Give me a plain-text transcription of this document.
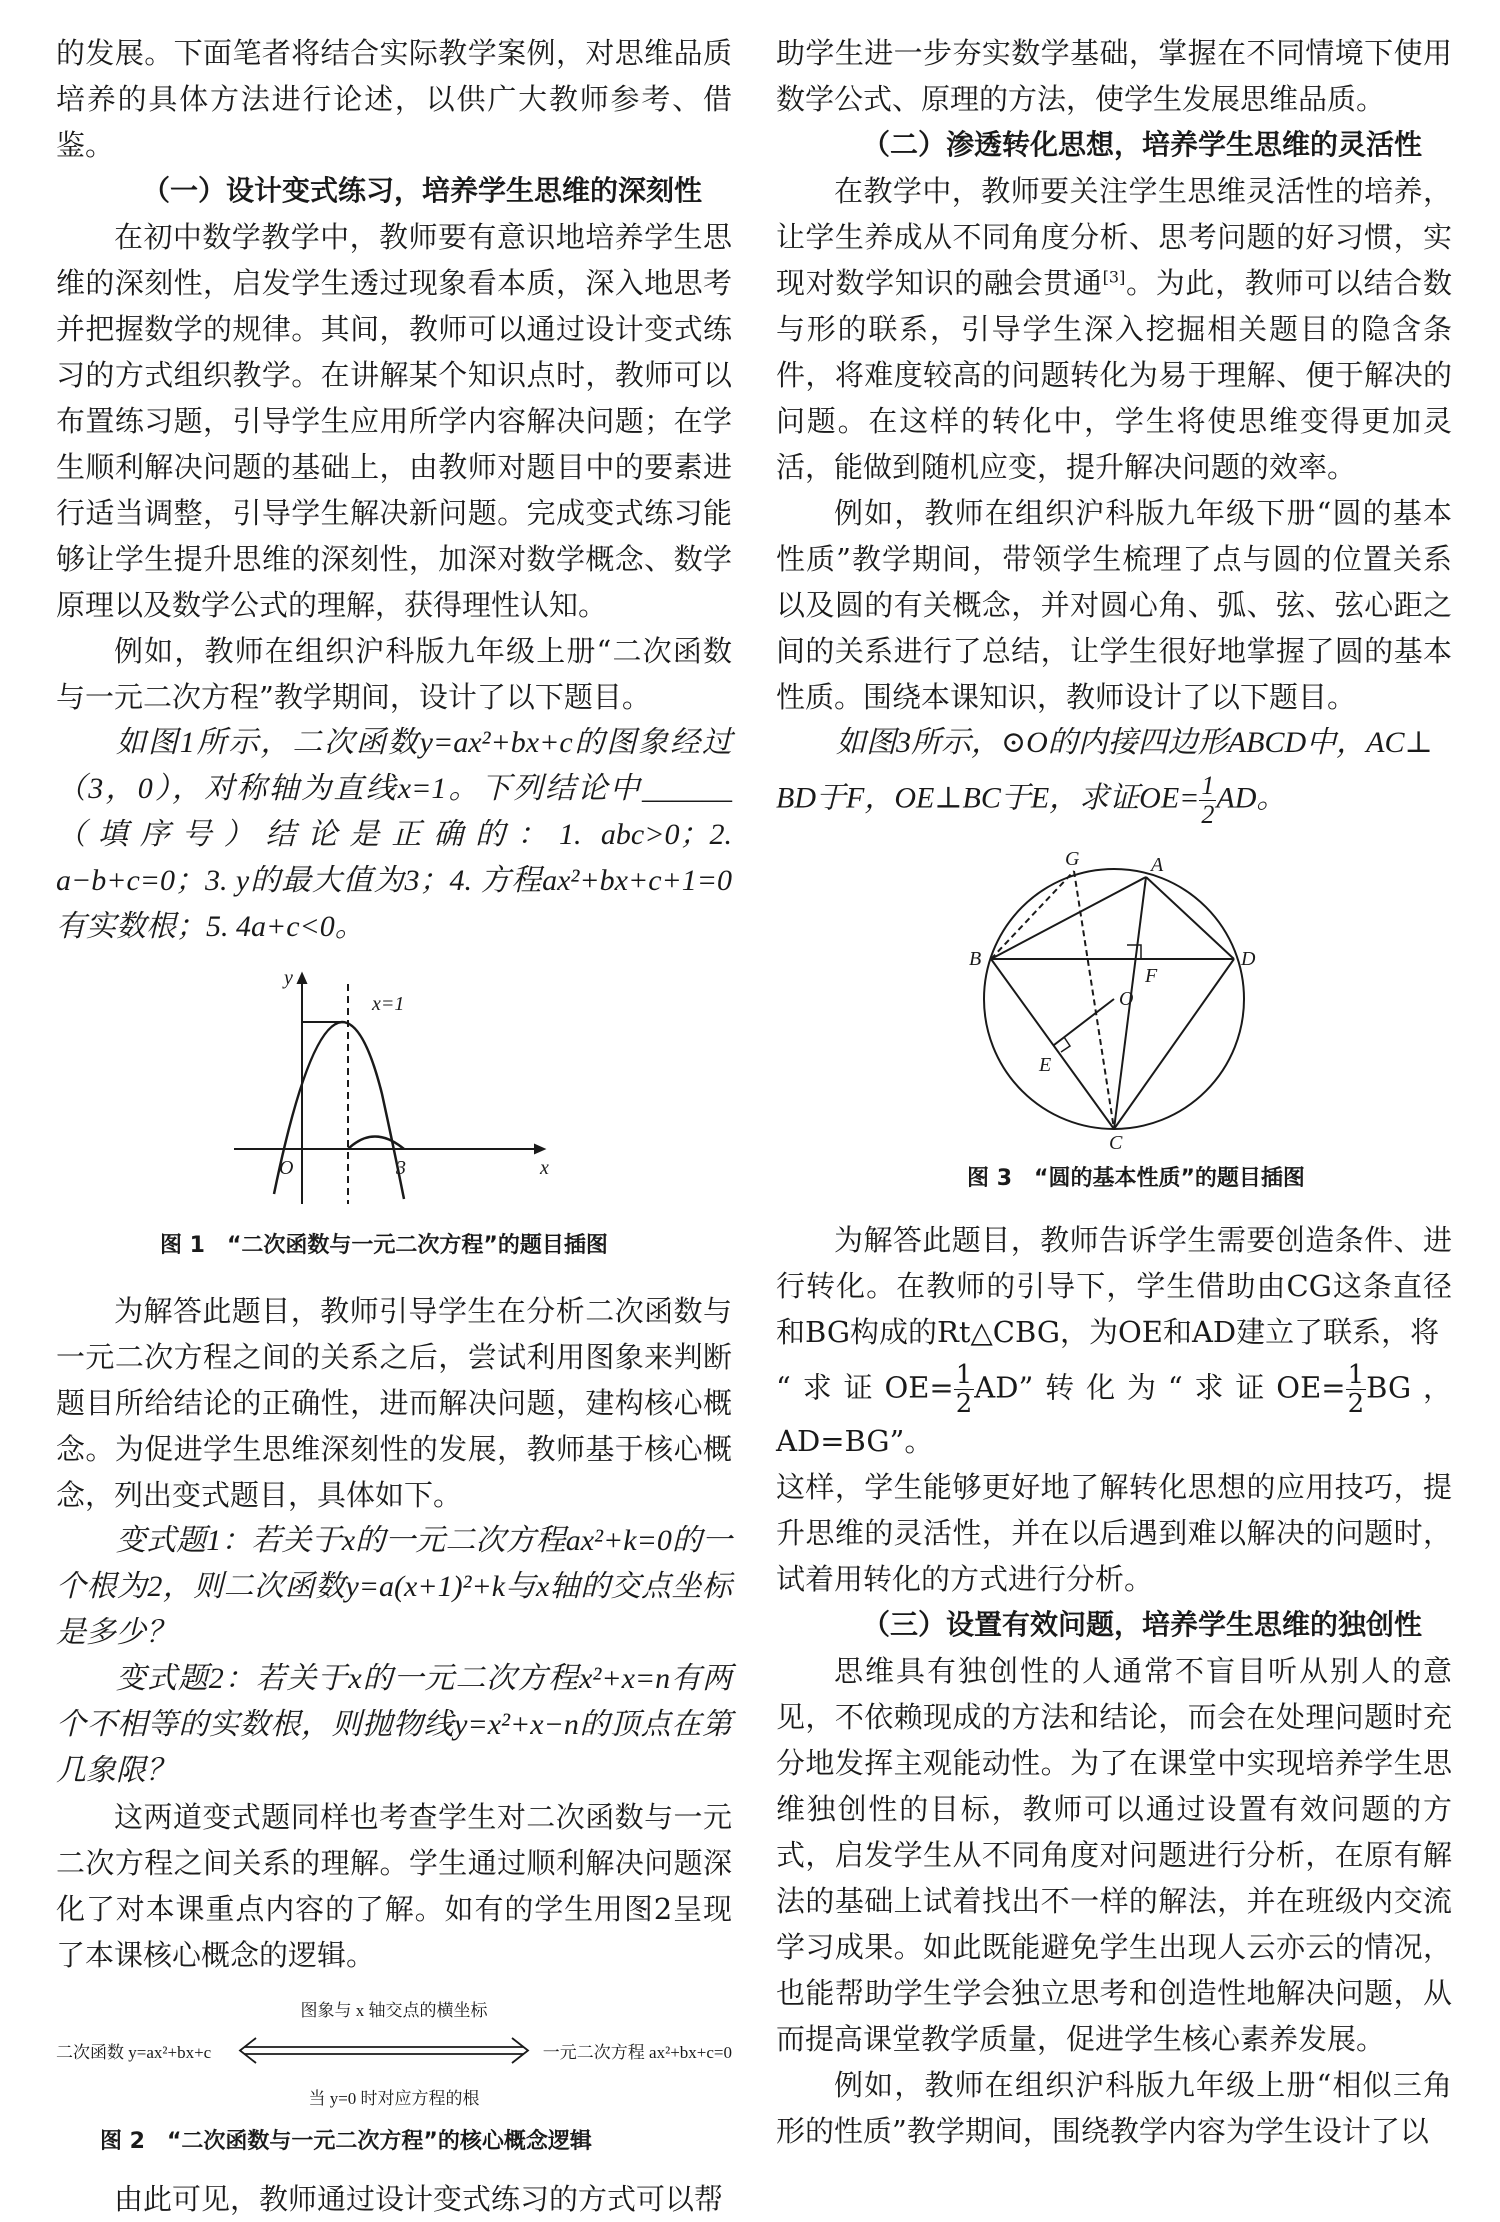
的发展。下面笔者将结合实际教学案例，对思维品质培养的具体方法进行论述，以供广大教师参考、借鉴。

（一）设计变式练习，培养学生思维的深刻性

在初中数学教学中，教师要有意识地培养学生思维的深刻性，启发学生透过现象看本质，深入地思考并把握数学的规律。其间，教师可以通过设计变式练习的方式组织教学。在讲解某个知识点时，教师可以布置练习题，引导学生应用所学内容解决问题；在学生顺利解决问题的基础上，由教师对题目中的要素进行适当调整，引导学生解决新问题。完成变式练习能够让学生提升思维的深刻性，加深对数学概念、数学原理以及数学公式的理解，获得理性认知。

例如，教师在组织沪科版九年级上册“二次函数与一元二次方程”教学期间，设计了以下题目。

如图1所示，二次函数y=ax²+bx+c的图象经过（3，0），对称轴为直线x=1。下列结论中______（填序号）结论是正确的：1. abc>0；2. a−b+c=0；3. y的最大值为3；4. 方程ax²+bx+c+1=0有实数根；5. 4a+c<0。

y
x
O	3
x=1

图 1　“二次函数与一元二次方程”的题目插图

为解答此题目，教师引导学生在分析二次函数与一元二次方程之间的关系之后，尝试利用图象来判断题目所给结论的正确性，进而解决问题，建构核心概念。为促进学生思维深刻性的发展，教师基于核心概念，列出变式题目，具体如下。

变式题1：若关于x的一元二次方程ax²+k=0的一个根为2，则二次函数y=a(x+1)²+k与x轴的交点坐标是多少？

变式题2：若关于x的一元二次方程x²+x=n有两个不相等的实数根，则抛物线y=x²+x−n的顶点在第几象限？

这两道变式题同样也考查学生对二次函数与一元二次方程之间关系的理解。学生通过顺利解决问题深化了对本课重点内容的了解。如有的学生用图2呈现了本课核心概念的逻辑。

图象与 x 轴交点的横坐标
二次函数 y=ax²+bx+c	一元二次方程 ax²+bx+c=0
当 y=0 时对应方程的根

图 2　“二次函数与一元二次方程”的核心概念逻辑

由此可见，教师通过设计变式练习的方式可以帮

助学生进一步夯实数学基础，掌握在不同情境下使用数学公式、原理的方法，使学生发展思维品质。

（二）渗透转化思想，培养学生思维的灵活性

在教学中，教师要关注学生思维灵活性的培养，让学生养成从不同角度分析、思考问题的好习惯，实现对数学知识的融会贯通[3]。为此，教师可以结合数与形的联系，引导学生深入挖掘相关题目的隐含条件，将难度较高的问题转化为易于理解、便于解决的问题。在这样的转化中，学生将使思维变得更加灵活，能做到随机应变，提升解决问题的效率。

例如，教师在组织沪科版九年级下册“圆的基本性质”教学期间，带领学生梳理了点与圆的位置关系以及圆的有关概念，并对圆心角、弧、弦、弦心距之间的关系进行了总结，让学生很好地掌握了圆的基本性质。围绕本课知识，教师设计了以下题目。

如图3所示，⊙O的内接四边形ABCD中，AC⊥

BD于F，OE⊥BC于E，求证$OE= \frac{1}{2}$ AD。

G	A
B	D
F
O
E
C

图 3　“圆的基本性质”的题目插图

为解答此题目，教师告诉学生需要创造条件、进行转化。在教师的引导下，学生借助由CG这条直径和BG构成的Rt△CBG，为OE和AD建立了联系，将

“求证$OE= \frac{1}{2}$ AD”转化为“求证$OE= \frac{1}{2}$ BG，AD=BG”。

这样，学生能够更好地了解转化思想的应用技巧，提升思维的灵活性，并在以后遇到难以解决的问题时，试着用转化的方式进行分析。

（三）设置有效问题，培养学生思维的独创性

思维具有独创性的人通常不盲目听从别人的意见，不依赖现成的方法和结论，而会在处理问题时充分地发挥主观能动性。为了在课堂中实现培养学生思维独创性的目标，教师可以通过设置有效问题的方式，启发学生从不同角度对问题进行分析，在原有解法的基础上试着找出不一样的解法，并在班级内交流学习成果。如此既能避免学生出现人云亦云的情况，也能帮助学生学会独立思考和创造性地解决问题，从而提高课堂教学质量，促进学生核心素养发展。

例如，教师在组织沪科版九年级上册“相似三角形的性质”教学期间，围绕教学内容为学生设计了以
